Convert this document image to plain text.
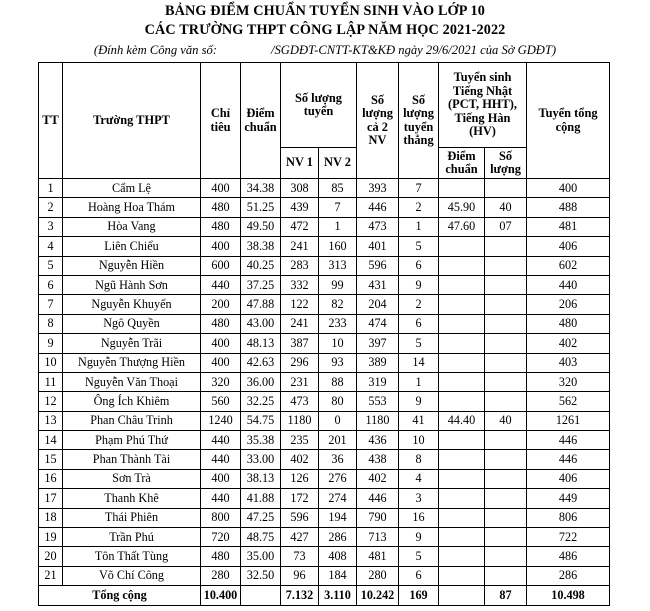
BẢNG ĐIỂM CHUẨN TUYỂN SINH VÀO LỚP 10
CÁC TRƯỜNG THPT CÔNG LẬP NĂM HỌC 2021-2022
(Đính kèm Công văn số:	/SGDĐT-CNTT-KT&KĐ ngày 29/6/2021 của Sở GDĐT)
TT	Trường THPT	Chỉ tiêu	Điểm chuẩn	Số lượng tuyển		Số lượng cả 2 NV	Số lượng tuyển thẳng	Tuyển sinh Tiếng Nhật (PCT, HHT), Tiếng Hàn (HV)		Tuyển tổng cộng
				NV 1	NV 2			Điểm chuẩn	Số lượng	
1	Cẩm Lệ	400	34.38	308	85	393	7			400
2	Hoàng Hoa Thám	480	51.25	439	7	446	2	45.90	40	488
3	Hòa Vang	480	49.50	472	1	473	1	47.60	07	481
4	Liên Chiểu	400	38.38	241	160	401	5			406
5	Nguyễn Hiền	600	40.25	283	313	596	6			602
6	Ngũ Hành Sơn	440	37.25	332	99	431	9			440
7	Nguyễn Khuyến	200	47.88	122	82	204	2			206
8	Ngô Quyền	480	43.00	241	233	474	6			480
9	Nguyễn Trãi	400	48.13	387	10	397	5			402
10	Nguyễn Thượng Hiền	400	42.63	296	93	389	14			403
11	Nguyễn Văn Thoại	320	36.00	231	88	319	1			320
12	Ông Ích Khiêm	560	32.25	473	80	553	9			562
13	Phan Châu Trinh	1240	54.75	1180	0	1180	41	44.40	40	1261
14	Phạm Phú Thứ	440	35.38	235	201	436	10			446
15	Phan Thành Tài	440	33.00	402	36	438	8			446
16	Sơn Trà	400	38.13	126	276	402	4			406
17	Thanh Khê	440	41.88	172	274	446	3			449
18	Thái Phiên	800	47.25	596	194	790	16			806
19	Trần Phú	720	48.75	427	286	713	9			722
20	Tôn Thất Tùng	480	35.00	73	408	481	5			486
21	Võ Chí Công	280	32.50	96	184	280	6			286
Tổng cộng		10.400		7.132	3.110	10.242	169		87	10.498
